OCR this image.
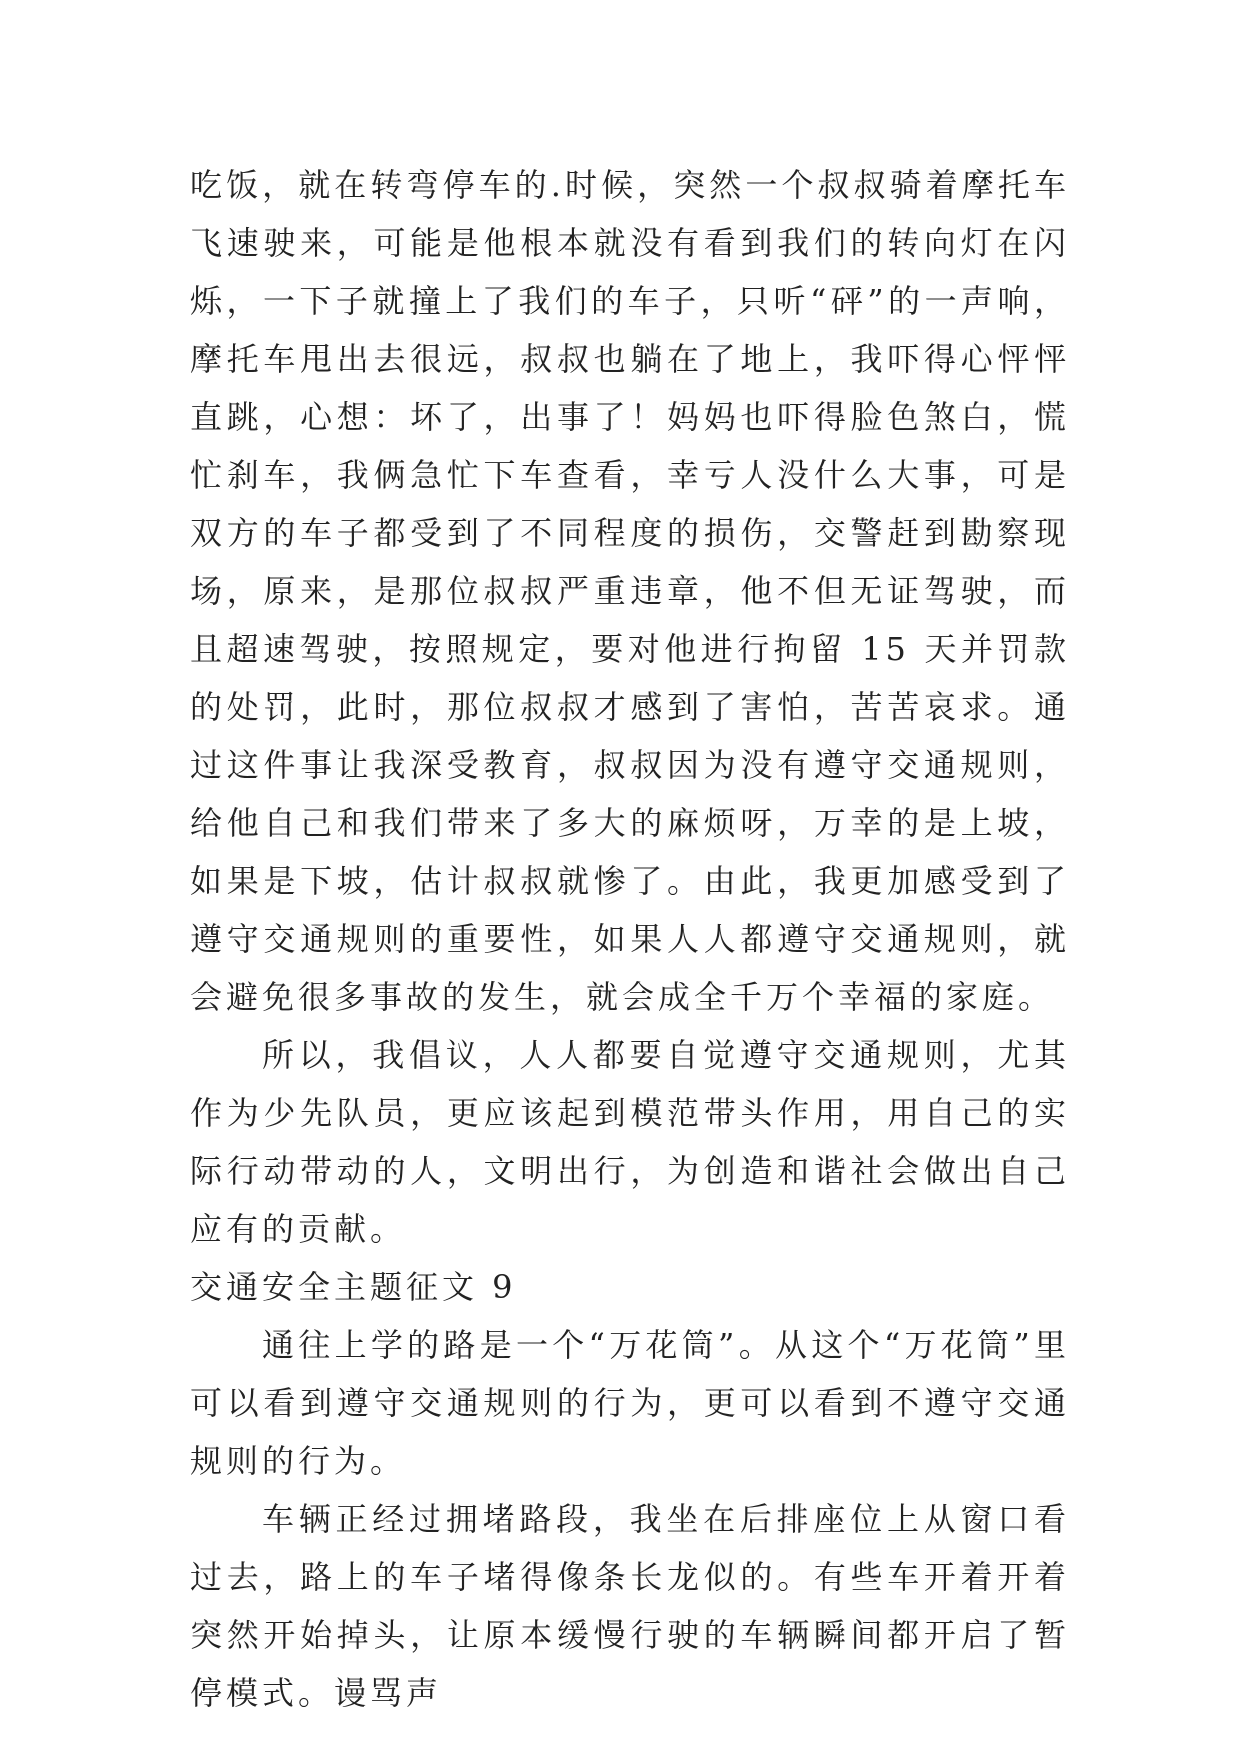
吃饭，就在转弯停车的.时候，突然一个叔叔骑着摩托车飞速驶来，可能是他根本就没有看到我们的转向灯在闪烁，一下子就撞上了我们的车子，只听“砰”的一声响，摩托车甩出去很远，叔叔也躺在了地上，我吓得心怦怦直跳，心想：坏了，出事了！妈妈也吓得脸色煞白，慌忙刹车，我俩急忙下车查看，幸亏人没什么大事，可是双方的车子都受到了不同程度的损伤，交警赶到勘察现场，原来，是那位叔叔严重违章，他不但无证驾驶，而且超速驾驶，按照规定，要对他进行拘留 15 天并罚款的处罚，此时，那位叔叔才感到了害怕，苦苦哀求。通过这件事让我深受教育，叔叔因为没有遵守交通规则，给他自己和我们带来了多大的麻烦呀，万幸的是上坡，如果是下坡，估计叔叔就惨了。由此，我更加感受到了遵守交通规则的重要性，如果人人都遵守交通规则，就会避免很多事故的发生，就会成全千万个幸福的家庭。

所以，我倡议，人人都要自觉遵守交通规则，尤其作为少先队员，更应该起到模范带头作用，用自己的实际行动带动的人，文明出行，为创造和谐社会做出自己应有的贡献。

交通安全主题征文 9

通往上学的路是一个“万花筒”。从这个“万花筒”里可以看到遵守交通规则的行为，更可以看到不遵守交通规则的行为。

车辆正经过拥堵路段，我坐在后排座位上从窗口看过去，路上的车子堵得像条长龙似的。有些车开着开着突然开始掉头，让原本缓慢行驶的车辆瞬间都开启了暂停模式。谩骂声
